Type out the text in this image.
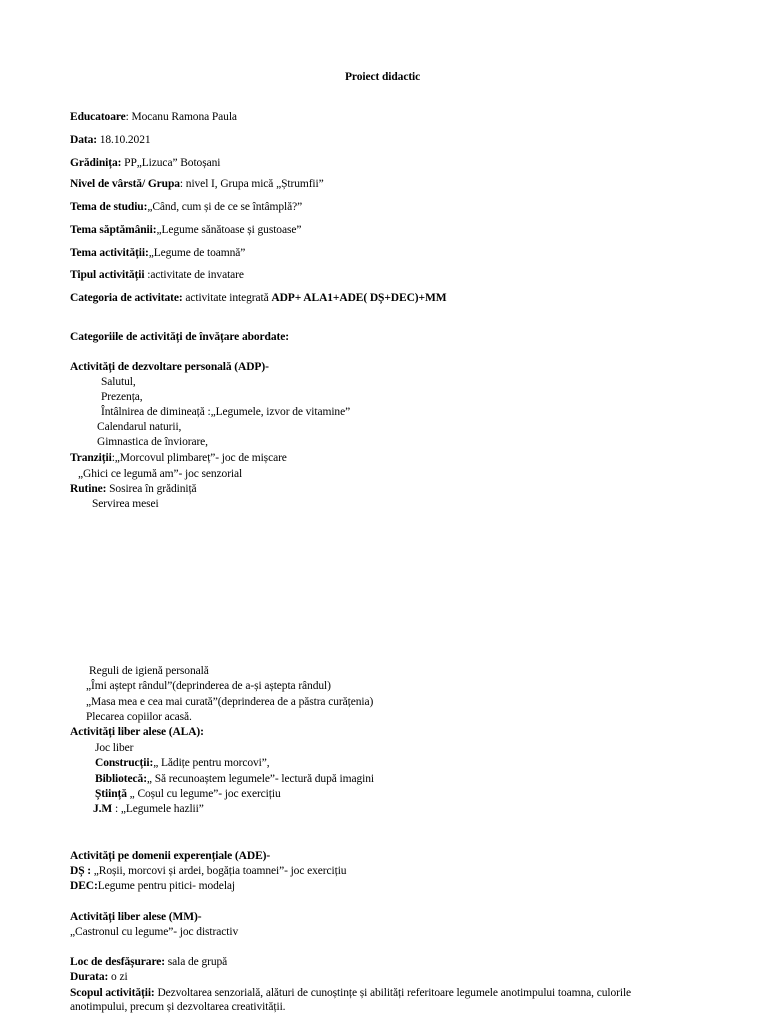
Proiect didactic
Educatoare: Mocanu Ramona Paula
Data: 18.10.2021
Grădinița: PP„Lizuca” Botoșani
Nivel de vârstă/ Grupa: nivel I, Grupa mică „Ștrumfii”
Tema de studiu:„Când, cum și de ce se întâmplă?”
Tema săptămânii:„Legume sănătoase și gustoase”
Tema activității:„Legume de toamnă”
Tipul activității :activitate de invatare
Categoria de activitate: activitate integrată ADP+ ALA1+ADE( DȘ+DEC)+MM
Categoriile de activități de învățare abordate:
Activități de dezvoltare personală (ADP)-
Salutul,
Prezența,
Întâlnirea de dimineață :„Legumele, izvor de vitamine”
Calendarul naturii,
Gimnastica de înviorare,
Tranziții:„Morcovul plimbareț”- joc de mișcare
„Ghici ce legumă am”- joc senzorial
Rutine: Sosirea în grădiniță
Servirea mesei
Reguli de igienă personală
„Îmi aștept rândul”(deprinderea de a-și aștepta rândul)
„Masa mea e cea mai curată”(deprinderea de a păstra curățenia)
Plecarea copiilor acasă.
Activități liber alese (ALA):
Joc liber
Construcții:„ Lădițe pentru morcovi”,
Bibliotecă:„ Să recunoaștem legumele”- lectură după imagini
Știință „ Coșul cu legume”- joc exercițiu
J.M : „Legumele hazlii”
Activități pe domenii experențiale (ADE)-
DȘ : „Roșii, morcovi și ardei, bogăția toamnei”- joc exercițiu
DEC:Legume pentru pitici- modelaj
Activități liber alese (MM)-
„Castronul cu legume”- joc distractiv
Loc de desfășurare: sala de grupă
Durata: o zi
Scopul activității: Dezvoltarea senzorială, alături de cunoștințe și abilități referitoare legumele anotimpului toamna, culorile anotimpului, precum și dezvoltarea creativității.
